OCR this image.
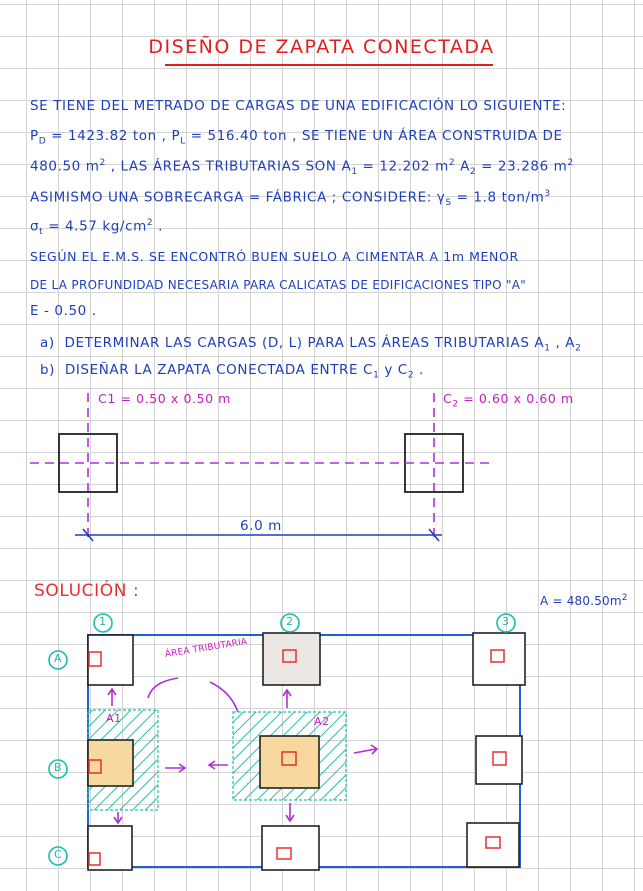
DISEÑO DE ZAPATA CONECTADA
SE TIENE DEL METRADO DE CARGAS DE UNA EDIFICACIÓN LO SIGUIENTE:
$P_D = 1423.82$ ton , $P_L = 516.40$ ton , SE TIENE UN ÁREA CONSTRUIDA DE
480.50 $m^2$ , LAS ÁREAS TRIBUTARIAS SON $A_1 = 12.202$ $m^2$ $A_2 = 23.286$ $m^2$
ASIMISMO UNA SOBRECARGA = FÁBRICA ; CONSIDERE: $\gamma_S = 1.8$ ton/$m^3$
$\sigma_t = 4.57$ $kg/cm^2$ .
SEGÚN EL E.M.S. SE ENCONTRÓ BUEN SUELO A CIMENTAR A 1m MENOR
DE LA PROFUNDIDAD NECESARIA PARA CALICATAS DE EDIFICACIONES TIPO "A"
E - 0.50 .
a) DETERMINAR LAS CARGAS (D, L) PARA LAS ÁREAS TRIBUTARIAS $A_1$ , $A_2$
b) DISEÑAR LA ZAPATA CONECTADA ENTRE $C_1$ y $C_2$ .
C1 = 0.50 x 0.50 m	$C_2 = 0.60$ x 0.60 m
6.0 m
SOLUCIÓN :	$A = 480.50m^2$
1	2	3
A
B
C
ÁREA TRIBUTARIA
A1	A2
